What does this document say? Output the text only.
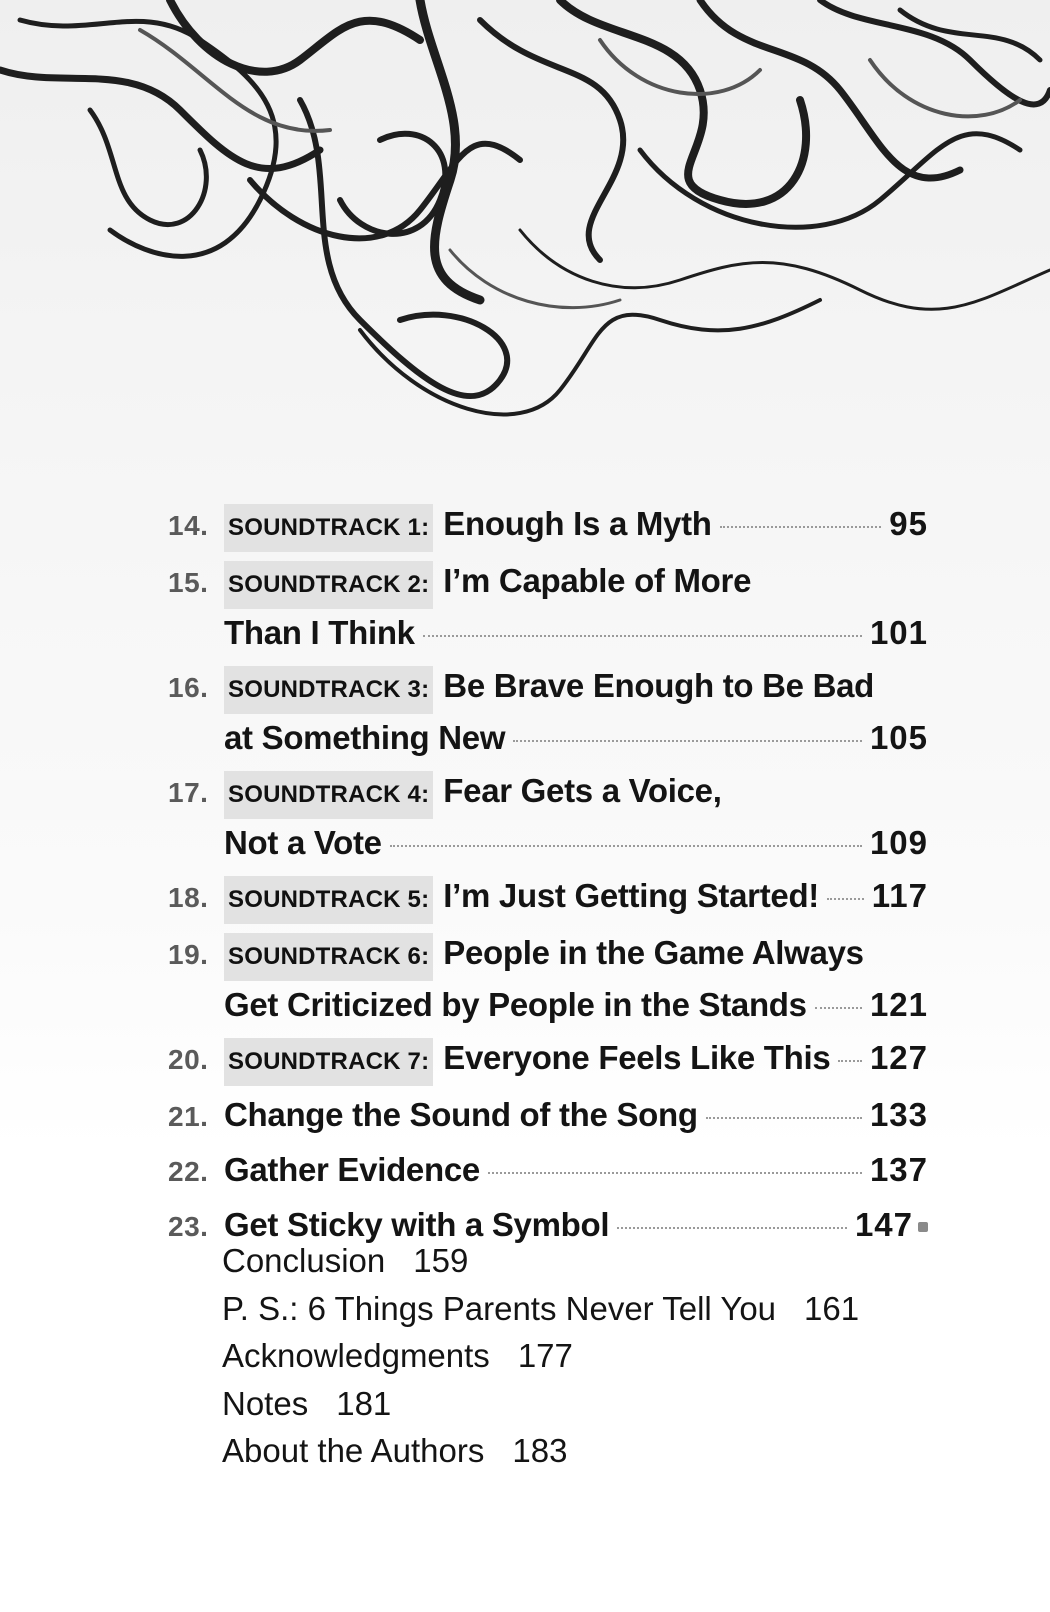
14. SOUNDTRACK 1: Enough Is a Myth	95
15. SOUNDTRACK 2: I’m Capable of More
Than I Think	101
16. SOUNDTRACK 3: Be Brave Enough to Be Bad
at Something New	105
17. SOUNDTRACK 4: Fear Gets a Voice,
Not a Vote	109
18. SOUNDTRACK 5: I’m Just Getting Started! 117
19. SOUNDTRACK 6: People in the Game Always
Get Criticized by People in the Stands 121
20. SOUNDTRACK 7: Everyone Feels Like This 127
21. Change the Sound of the Song	133
22. Gather Evidence	137
23. Get Sticky with a Symbol	147
Conclusion 159
P. S.: 6 Things Parents Never Tell You 161
Acknowledgments 177
Notes 181
About the Authors 183
